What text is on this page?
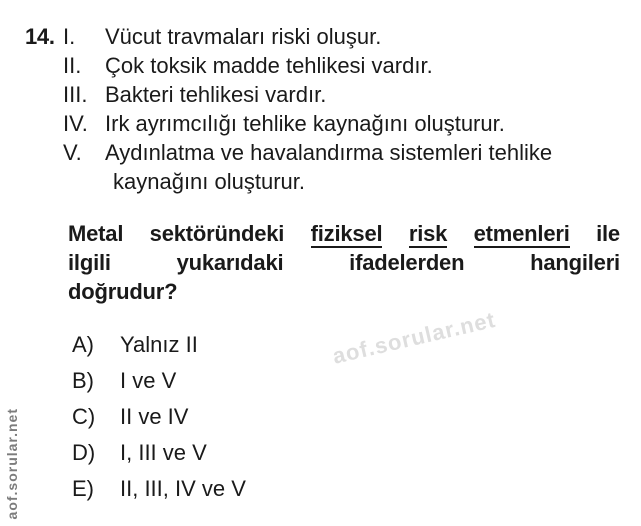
aof.sorular.net
aof.sorular.net
14. I.	Vücut travmaları riski oluşur.
II.	Çok toksik madde tehlikesi vardır.
III. Bakteri tehlikesi vardır.
IV. Irk ayrımcılığı tehlike kaynağını oluşturur.
V.	Aydınlatma ve havalandırma sistemleri tehlike kaynağını oluşturur.
Metal sektöründeki fiziksel risk etmenleri ile
ilgili	yukarıdaki	ifadelerden	hangileri
doğrudur?
A)	Yalnız II
B)	I ve V
C)	II ve IV
D)	I, III ve V
E)	II, III, IV ve V
